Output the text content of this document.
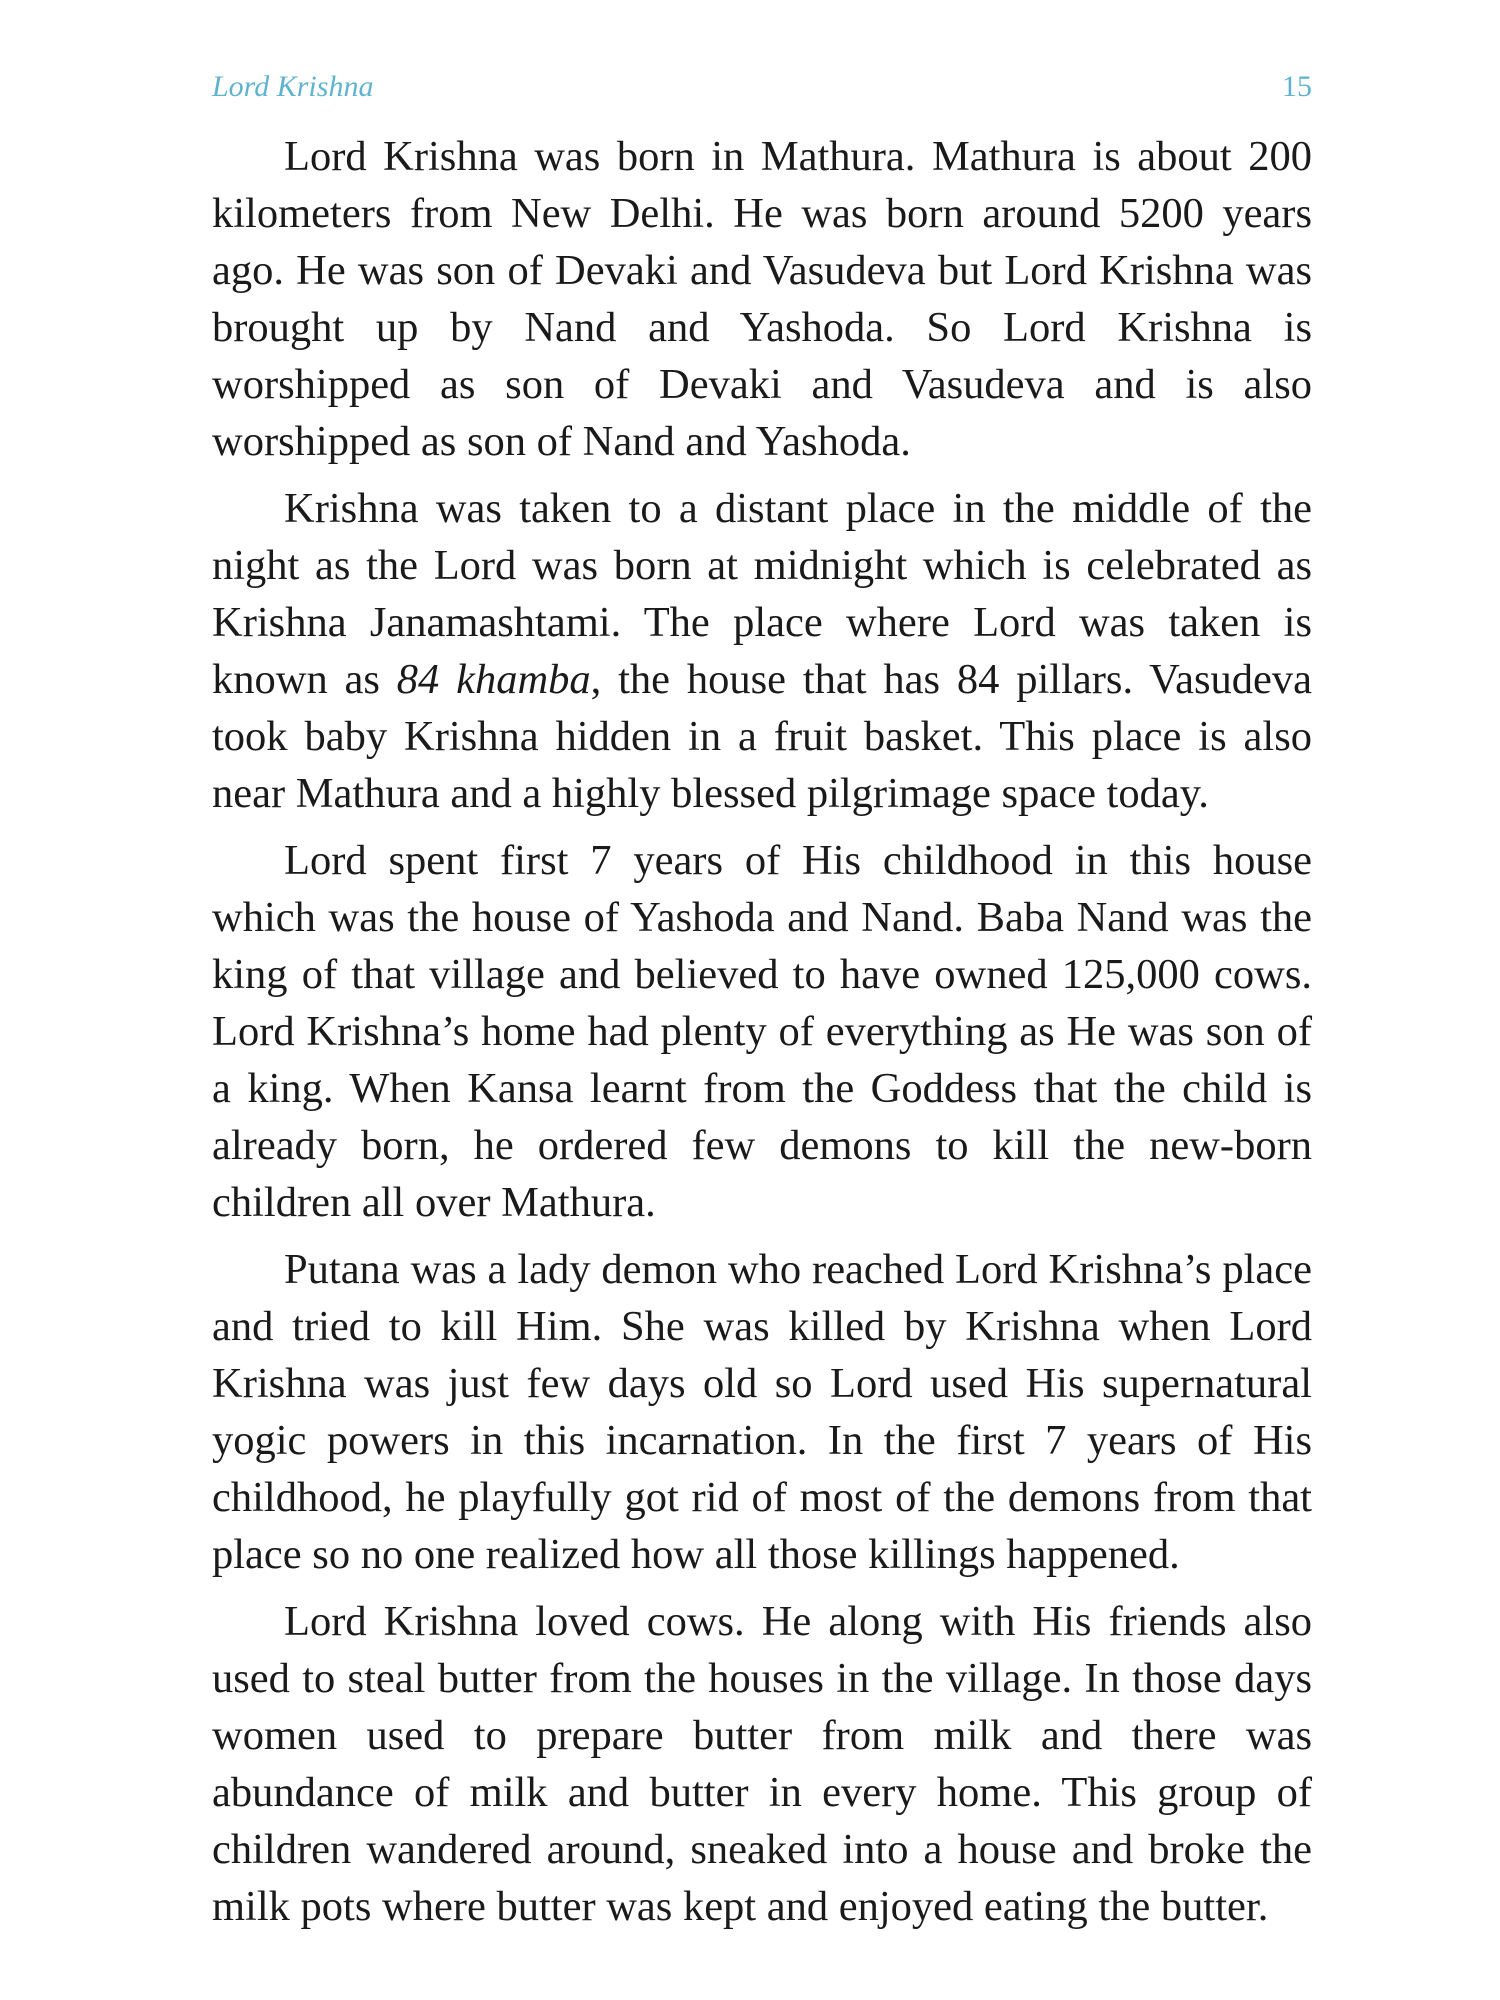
Lord Krishna	15

Lord Krishna was born in Mathura. Mathura is about 200 kilometers from New Delhi. He was born around 5200 years ago. He was son of Devaki and Vasudeva but Lord Krishna was brought up by Nand and Yashoda. So Lord Krishna is worshipped as son of Devaki and Vasudeva and is also worshipped as son of Nand and Yashoda.

Krishna was taken to a distant place in the middle of the night as the Lord was born at midnight which is celebrated as Krishna Janamashtami. The place where Lord was taken is known as 84 khamba, the house that has 84 pillars. Vasudeva took baby Krishna hidden in a fruit basket. This place is also near Mathura and a highly blessed pilgrimage space today.

Lord spent first 7 years of His childhood in this house which was the house of Yashoda and Nand. Baba Nand was the king of that village and believed to have owned 125,000 cows. Lord Krishna’s home had plenty of everything as He was son of a king. When Kansa learnt from the Goddess that the child is already born, he ordered few demons to kill the new-born children all over Mathura.

Putana was a lady demon who reached Lord Krishna’s place and tried to kill Him. She was killed by Krishna when Lord Krishna was just few days old so Lord used His supernatural yogic powers in this incarnation. In the first 7 years of His childhood, he playfully got rid of most of the demons from that place so no one realized how all those killings happened.

Lord Krishna loved cows. He along with His friends also used to steal butter from the houses in the village. In those days women used to prepare butter from milk and there was abundance of milk and butter in every home. This group of children wandered around, sneaked into a house and broke the milk pots where butter was kept and enjoyed eating the butter.
